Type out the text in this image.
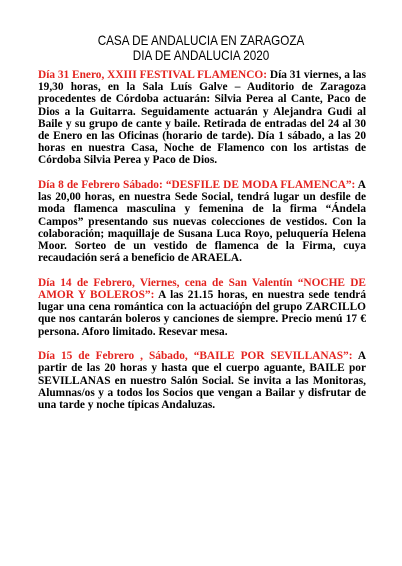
CASA DE ANDALUCIA EN ZARAGOZA
DIA DE ANDALUCIA 2020

Día 31 Enero, XXIII FESTIVAL FLAMENCO: Día 31 viernes, a las 19,30 horas, en la Sala Luís Galve – Auditorio de Zaragoza procedentes de Córdoba actuarán: Silvia Perea al Cante, Paco de Dios a la Guitarra. Seguidamente actuarán y Alejandra Gudi al Baile y su grupo de cante y baile. Retirada de entradas del 24 al 30 de Enero en las Oficinas (horario de tarde). Día 1 sábado, a las 20 horas en nuestra Casa, Noche de Flamenco con los artistas de Córdoba Silvia Perea y Paco de Dios.

Día 8 de Febrero Sábado: “DESFILE DE MODA FLAMENCA”: A las 20,00 horas, en nuestra Sede Social, tendrá lugar un desfile de moda flamenca masculina y femenina de la firma “Ándela Campos” presentando sus nuevas colecciones de vestidos. Con la colaboración; maquillaje de Susana Luca Royo, peluquería Helena Moor. Sorteo de un vestido de flamenca de la Firma, cuya recaudación será a beneficio de ARAELA.

Día 14 de Febrero, Viernes, cena de San Valentín “NOCHE DE AMOR Y BOLEROS”: A las 21.15 horas, en nuestra sede tendrá lugar una cena romántica con la actuacióṕn del grupo ZARCILLO que nos cantarán boleros y canciones de siempre. Precio menú 17 € persona. Aforo limitado. Resevar mesa.

Día 15 de Febrero , Sábado, “BAILE POR SEVILLANAS”: A partir de las 20 horas y hasta que el cuerpo aguante, BAILE por SEVILLANAS en nuestro Salón Social. Se invita a las Monitoras, Alumnas/os y a todos los Socios que vengan a Bailar y disfrutar de una tarde y noche típicas Andaluzas.
